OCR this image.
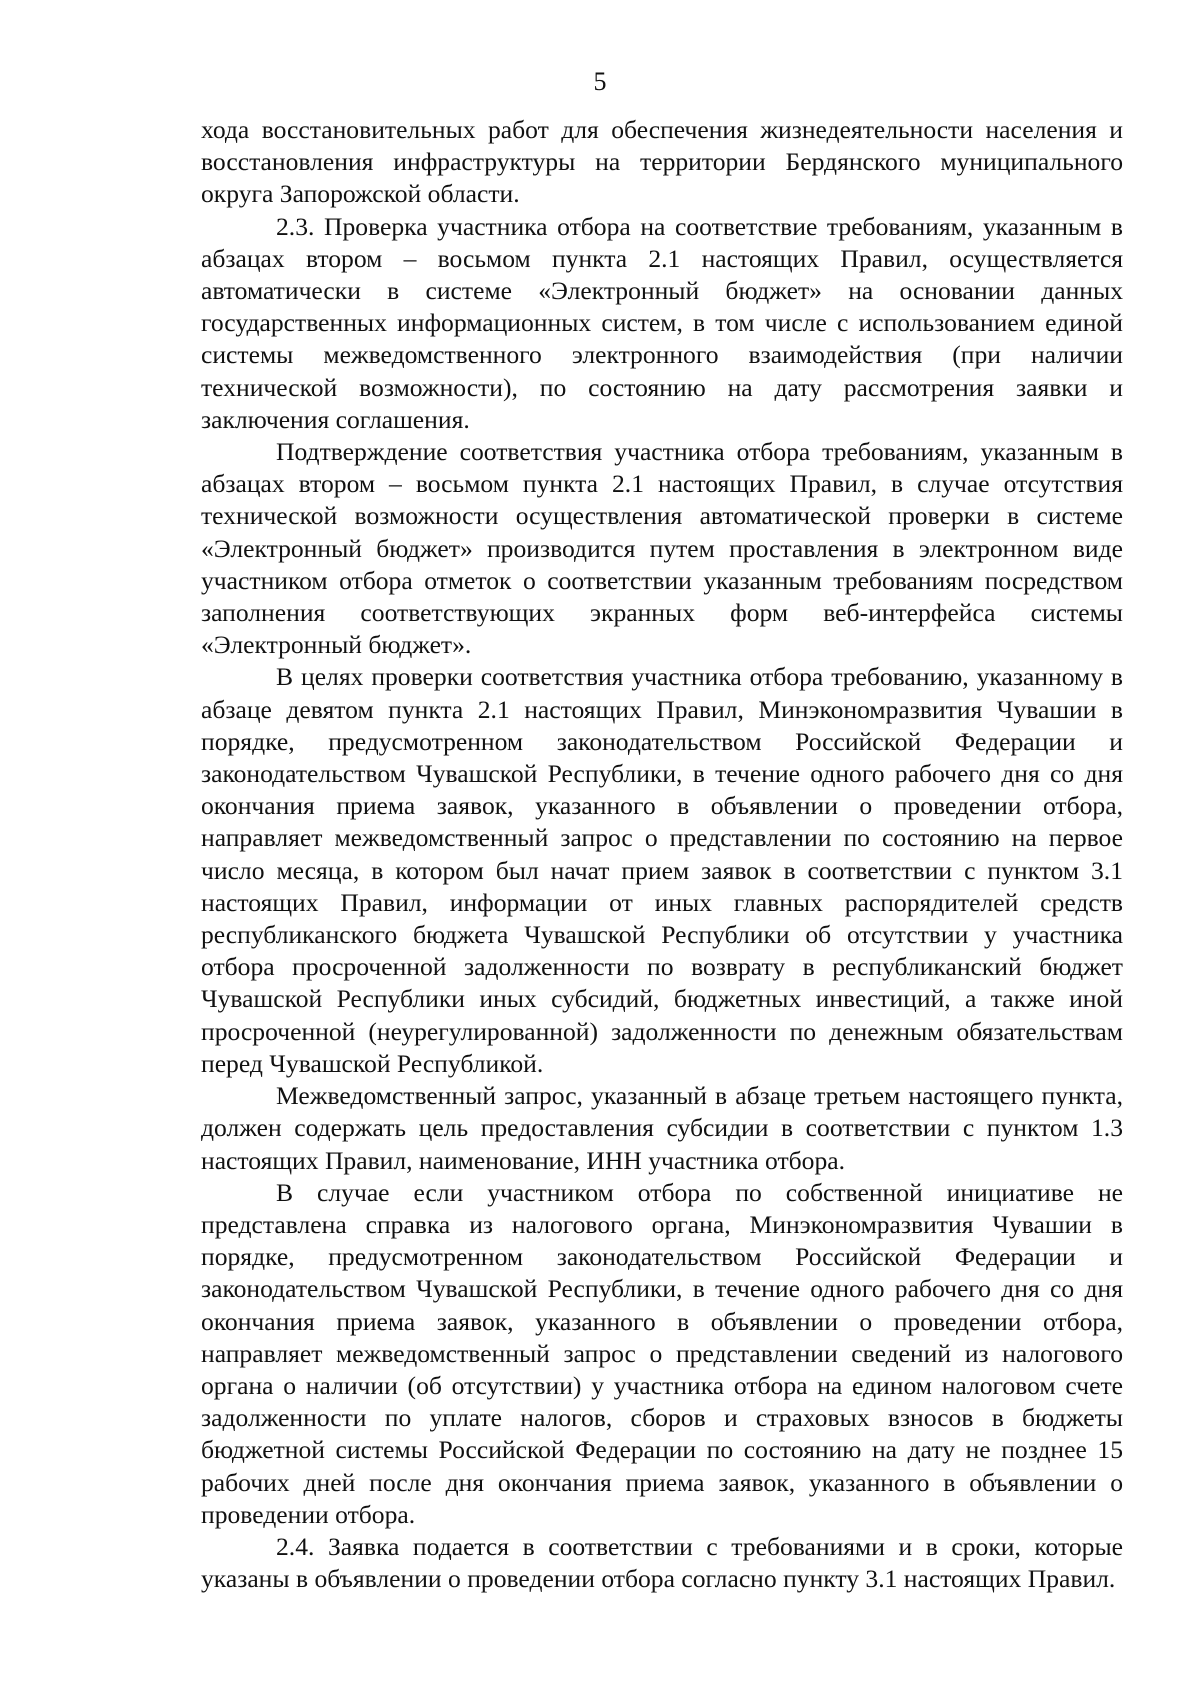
5

хода восстановительных работ для обеспечения жизнедеятельности населения и восстановления инфраструктуры на территории Бердянского муниципального округа Запорожской области.

2.3. Проверка участника отбора на соответствие требованиям, указанным в абзацах втором – восьмом пункта 2.1 настоящих Правил, осуществляется автоматически в системе «Электронный бюджет» на основании данных государственных информационных систем, в том числе с использованием единой системы межведомственного электронного взаимодействия (при наличии технической возможности), по состоянию на дату рассмотрения заявки и заключения соглашения.

Подтверждение соответствия участника отбора требованиям, указанным в абзацах втором – восьмом пункта 2.1 настоящих Правил, в случае отсутствия технической возможности осуществления автоматической проверки в системе «Электронный бюджет» производится путем проставления в электронном виде участником отбора отметок о соответствии указанным требованиям посредством заполнения соответствующих экранных форм веб-интерфейса системы «Электронный бюджет».

В целях проверки соответствия участника отбора требованию, указанному в абзаце девятом пункта 2.1 настоящих Правил, Минэкономразвития Чувашии в порядке, предусмотренном законодательством Российской Федерации и законодательством Чувашской Республики, в течение одного рабочего дня со дня окончания приема заявок, указанного в объявлении о проведении отбора, направляет межведомственный запрос о представлении по состоянию на первое число месяца, в котором был начат прием заявок в соответствии с пунктом 3.1 настоящих Правил, информации от иных главных распорядителей средств республиканского бюджета Чувашской Республики об отсутствии у участника отбора просроченной задолженности по возврату в республиканский бюджет Чувашской Республики иных субсидий, бюджетных инвестиций, а также иной просроченной (неурегулированной) задолженности по денежным обязательствам перед Чувашской Республикой.

Межведомственный запрос, указанный в абзаце третьем настоящего пункта, должен содержать цель предоставления субсидии в соответствии с пунктом 1.3 настоящих Правил, наименование, ИНН участника отбора.

В случае если участником отбора по собственной инициативе не представлена справка из налогового органа, Минэкономразвития Чувашии в порядке, предусмотренном законодательством Российской Федерации и законодательством Чувашской Республики, в течение одного рабочего дня со дня окончания приема заявок, указанного в объявлении о проведении отбора, направляет межведомственный запрос о представлении сведений из налогового органа о наличии (об отсутствии) у участника отбора на едином налоговом счете задолженности по уплате налогов, сборов и страховых взносов в бюджеты бюджетной системы Российской Федерации по состоянию на дату не позднее 15 рабочих дней после дня окончания приема заявок, указанного в объявлении о проведении отбора.

2.4. Заявка подается в соответствии с требованиями и в сроки, которые указаны в объявлении о проведении отбора согласно пункту 3.1 настоящих Правил.
